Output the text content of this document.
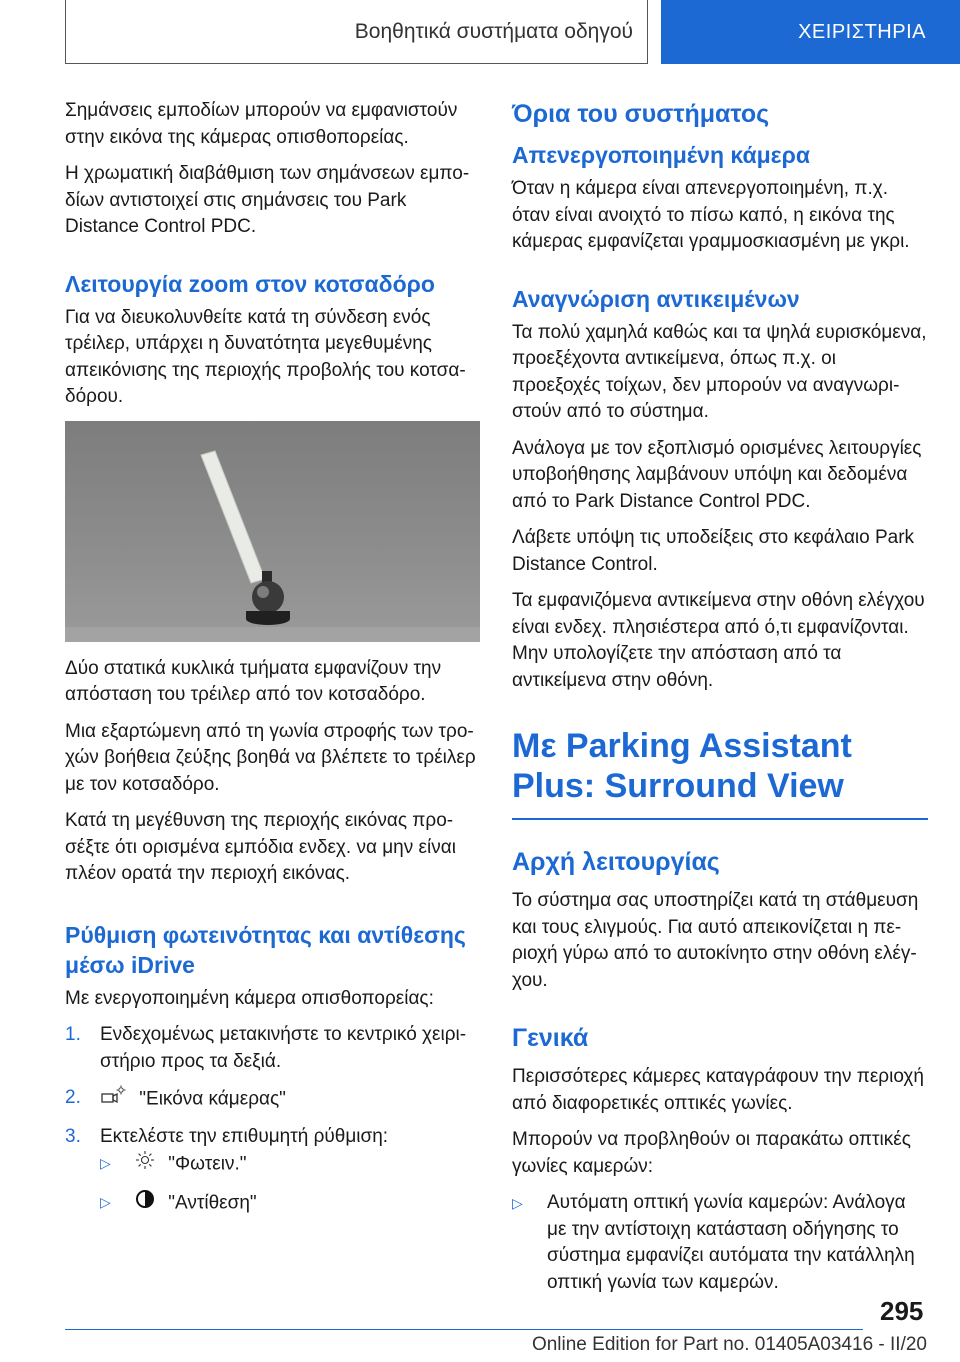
Βοηθητικά συστήματα οδηγού	ΧΕΙΡΙΣΤΗΡΙΑ

Σημάνσεις εμποδίων μπορούν να εμφανιστούν στην εικόνα της κάμερας οπισθοπορείας.

Η χρωματική διαβάθμιση των σημάνσεων εμποδίων αντιστοιχεί στις σημάνσεις του Park Distance Control PDC.

Λειτουργία zoom στον κοτσαδόρο

Για να διευκολυνθείτε κατά τη σύνδεση ενός τρέιλερ, υπάρχει η δυνατότητα μεγεθυμένης απεικόνισης της περιοχής προβολής του κοτσαδόρου.

Δύο στατικά κυκλικά τμήματα εμφανίζουν την απόσταση του τρέιλερ από τον κοτσαδόρο.

Μια εξαρτώμενη από τη γωνία στροφής των τροχών βοήθεια ζεύξης βοηθά να βλέπετε το τρέιλερ με τον κοτσαδόρο.

Κατά τη μεγέθυνση της περιοχής εικόνας προσέξτε ότι ορισμένα εμπόδια ενδεχ. να μην είναι πλέον ορατά την περιοχή εικόνας.

Ρύθμιση φωτεινότητας και αντίθεσης μέσω iDrive

Με ενεργοποιημένη κάμερα οπισθοπορείας:

1. Ενδεχομένως μετακινήστε το κεντρικό χειριστήριο προς τα δεξιά.
2.	"Εικόνα κάμερας"
3. Εκτελέστε την επιθυμητή ρύθμιση:
▷	"Φωτειν."
▷	"Αντίθεση"
Όρια του συστήματος
Απενεργοποιημένη κάμερα

Όταν η κάμερα είναι απενεργοποιημένη, π.χ. όταν είναι ανοιχτό το πίσω καπό, η εικόνα της κάμερας εμφανίζεται γραμμοσκιασμένη με γκρι.

Αναγνώριση αντικειμένων

Τα πολύ χαμηλά καθώς και τα ψηλά ευρισκόμενα, προεξέχοντα αντικείμενα, όπως π.χ. οι προεξοχές τοίχων, δεν μπορούν να αναγνωριστούν από το σύστημα.

Ανάλογα με τον εξοπλισμό ορισμένες λειτουργίες υποβοήθησης λαμβάνουν υπόψη και δεδομένα από το Park Distance Control PDC.

Λάβετε υπόψη τις υποδείξεις στο κεφάλαιο Park Distance Control.

Τα εμφανιζόμενα αντικείμενα στην οθόνη ελέγχου είναι ενδεχ. πλησιέστερα από ό,τι εμφανίζονται. Μην υπολογίζετε την απόσταση από τα αντικείμενα στην οθόνη.

Με Parking Assistant Plus: Surround View
Αρχή λειτουργίας

Το σύστημα σας υποστηρίζει κατά τη στάθμευση και τους ελιγμούς. Για αυτό απεικονίζεται η περιοχή γύρω από το αυτοκίνητο στην οθόνη ελέγχου.

Γενικά

Περισσότερες κάμερες καταγράφουν την περιοχή από διαφορετικές οπτικές γωνίες.

Μπορούν να προβληθούν οι παρακάτω οπτικές γωνίες καμερών:

▷ Αυτόματη οπτική γωνία καμερών: Ανάλογα με την αντίστοιχη κατάσταση οδήγησης το σύστημα εμφανίζει αυτόματα την κατάλληλη οπτική γωνία των καμερών.
295
Online Edition for Part no. 01405A03416 - II/20
